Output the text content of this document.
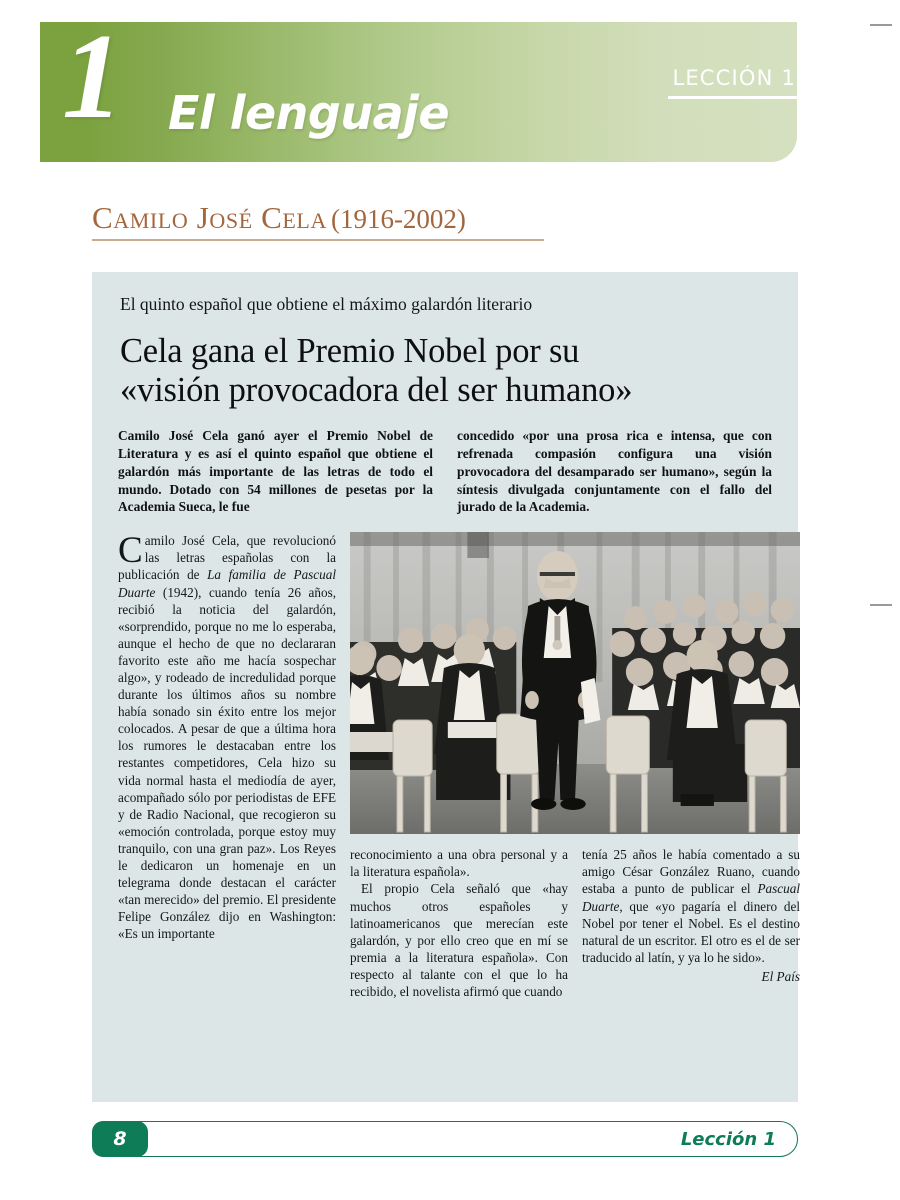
1 El lenguaje
LECCIÓN 1
Camilo José Cela (1916-2002)
El quinto español que obtiene el máximo galardón literario
Cela gana el Premio Nobel por su
«visión provocadora del ser humano»
Camilo José Cela ganó ayer el Premio Nobel de Literatura y es así el quinto español que obtiene el galardón más importante de las letras de todo el mundo. Dotado con 54 millones de pesetas por la Academia Sueca, le fue
concedido «por una prosa rica e intensa, que con refrenada compasión configura una visión provocadora del desamparado ser humano», según la síntesis divulgada conjuntamente con el fallo del jurado de la Academia.

Camilo José Cela, que revolucionó las letras españolas con la publicación de La familia de Pascual Duarte (1942), cuando tenía 26 años, recibió la noticia del galardón, «sorprendido, porque no me lo esperaba, aunque el hecho de que no declararan favorito este año me hacía sospechar algo», y rodeado de incredulidad porque durante los últimos años su nombre había sonado sin éxito entre los mejor colocados. A pesar de que a última hora los rumores le destacaban entre los restantes competidores, Cela hizo su vida normal hasta el mediodía de ayer, acompañado sólo por periodistas de EFE y de Radio Nacional, que recogieron su «emoción controlada, porque estoy muy tranquilo, con una gran paz». Los Reyes le dedicaron un homenaje en un telegrama donde destacan el carácter «tan merecido» del premio. El presidente Felipe González dijo en Washington: «Es un importante

reconocimiento a una obra personal y a la literatura española».

El propio Cela señaló que «hay muchos otros españoles y latinoamericanos que merecían este galardón, y por ello creo que en mí se premia a la literatura española». Con respecto al talante con el que lo ha recibido, el novelista afirmó que cuando

tenía 25 años le había comentado a su amigo César González Ruano, cuando estaba a punto de publicar el Pascual Duarte, que «yo pagaría el dinero del Nobel por tener el Nobel. Es el destino natural de un escritor. El otro es el de ser traducido al latín, y ya lo he sido».

El País
8	Lección 1
